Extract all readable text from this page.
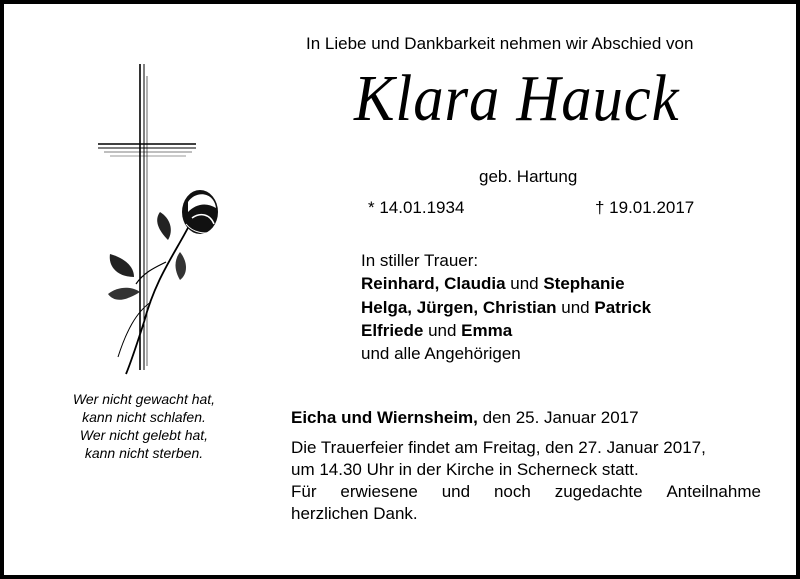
In Liebe und Dankbarkeit nehmen wir Abschied von
Klara Hauck
geb. Hartung
* 14.01.1934	† 19.01.2017
In stiller Trauer:
Reinhard, Claudia und Stephanie
Helga, Jürgen, Christian und Patrick
Elfriede und Emma
und alle Angehörigen
Wer nicht gewacht hat,
kann nicht schlafen.
Wer nicht gelebt hat,
kann nicht sterben.
Eicha und Wiernsheim, den 25. Januar 2017
Die Trauerfeier findet am Freitag, den 27. Januar 2017,
um 14.30 Uhr in der Kirche in Scherneck statt.
Für erwiesene und noch zugedachte Anteilnahme
herzlichen Dank.
